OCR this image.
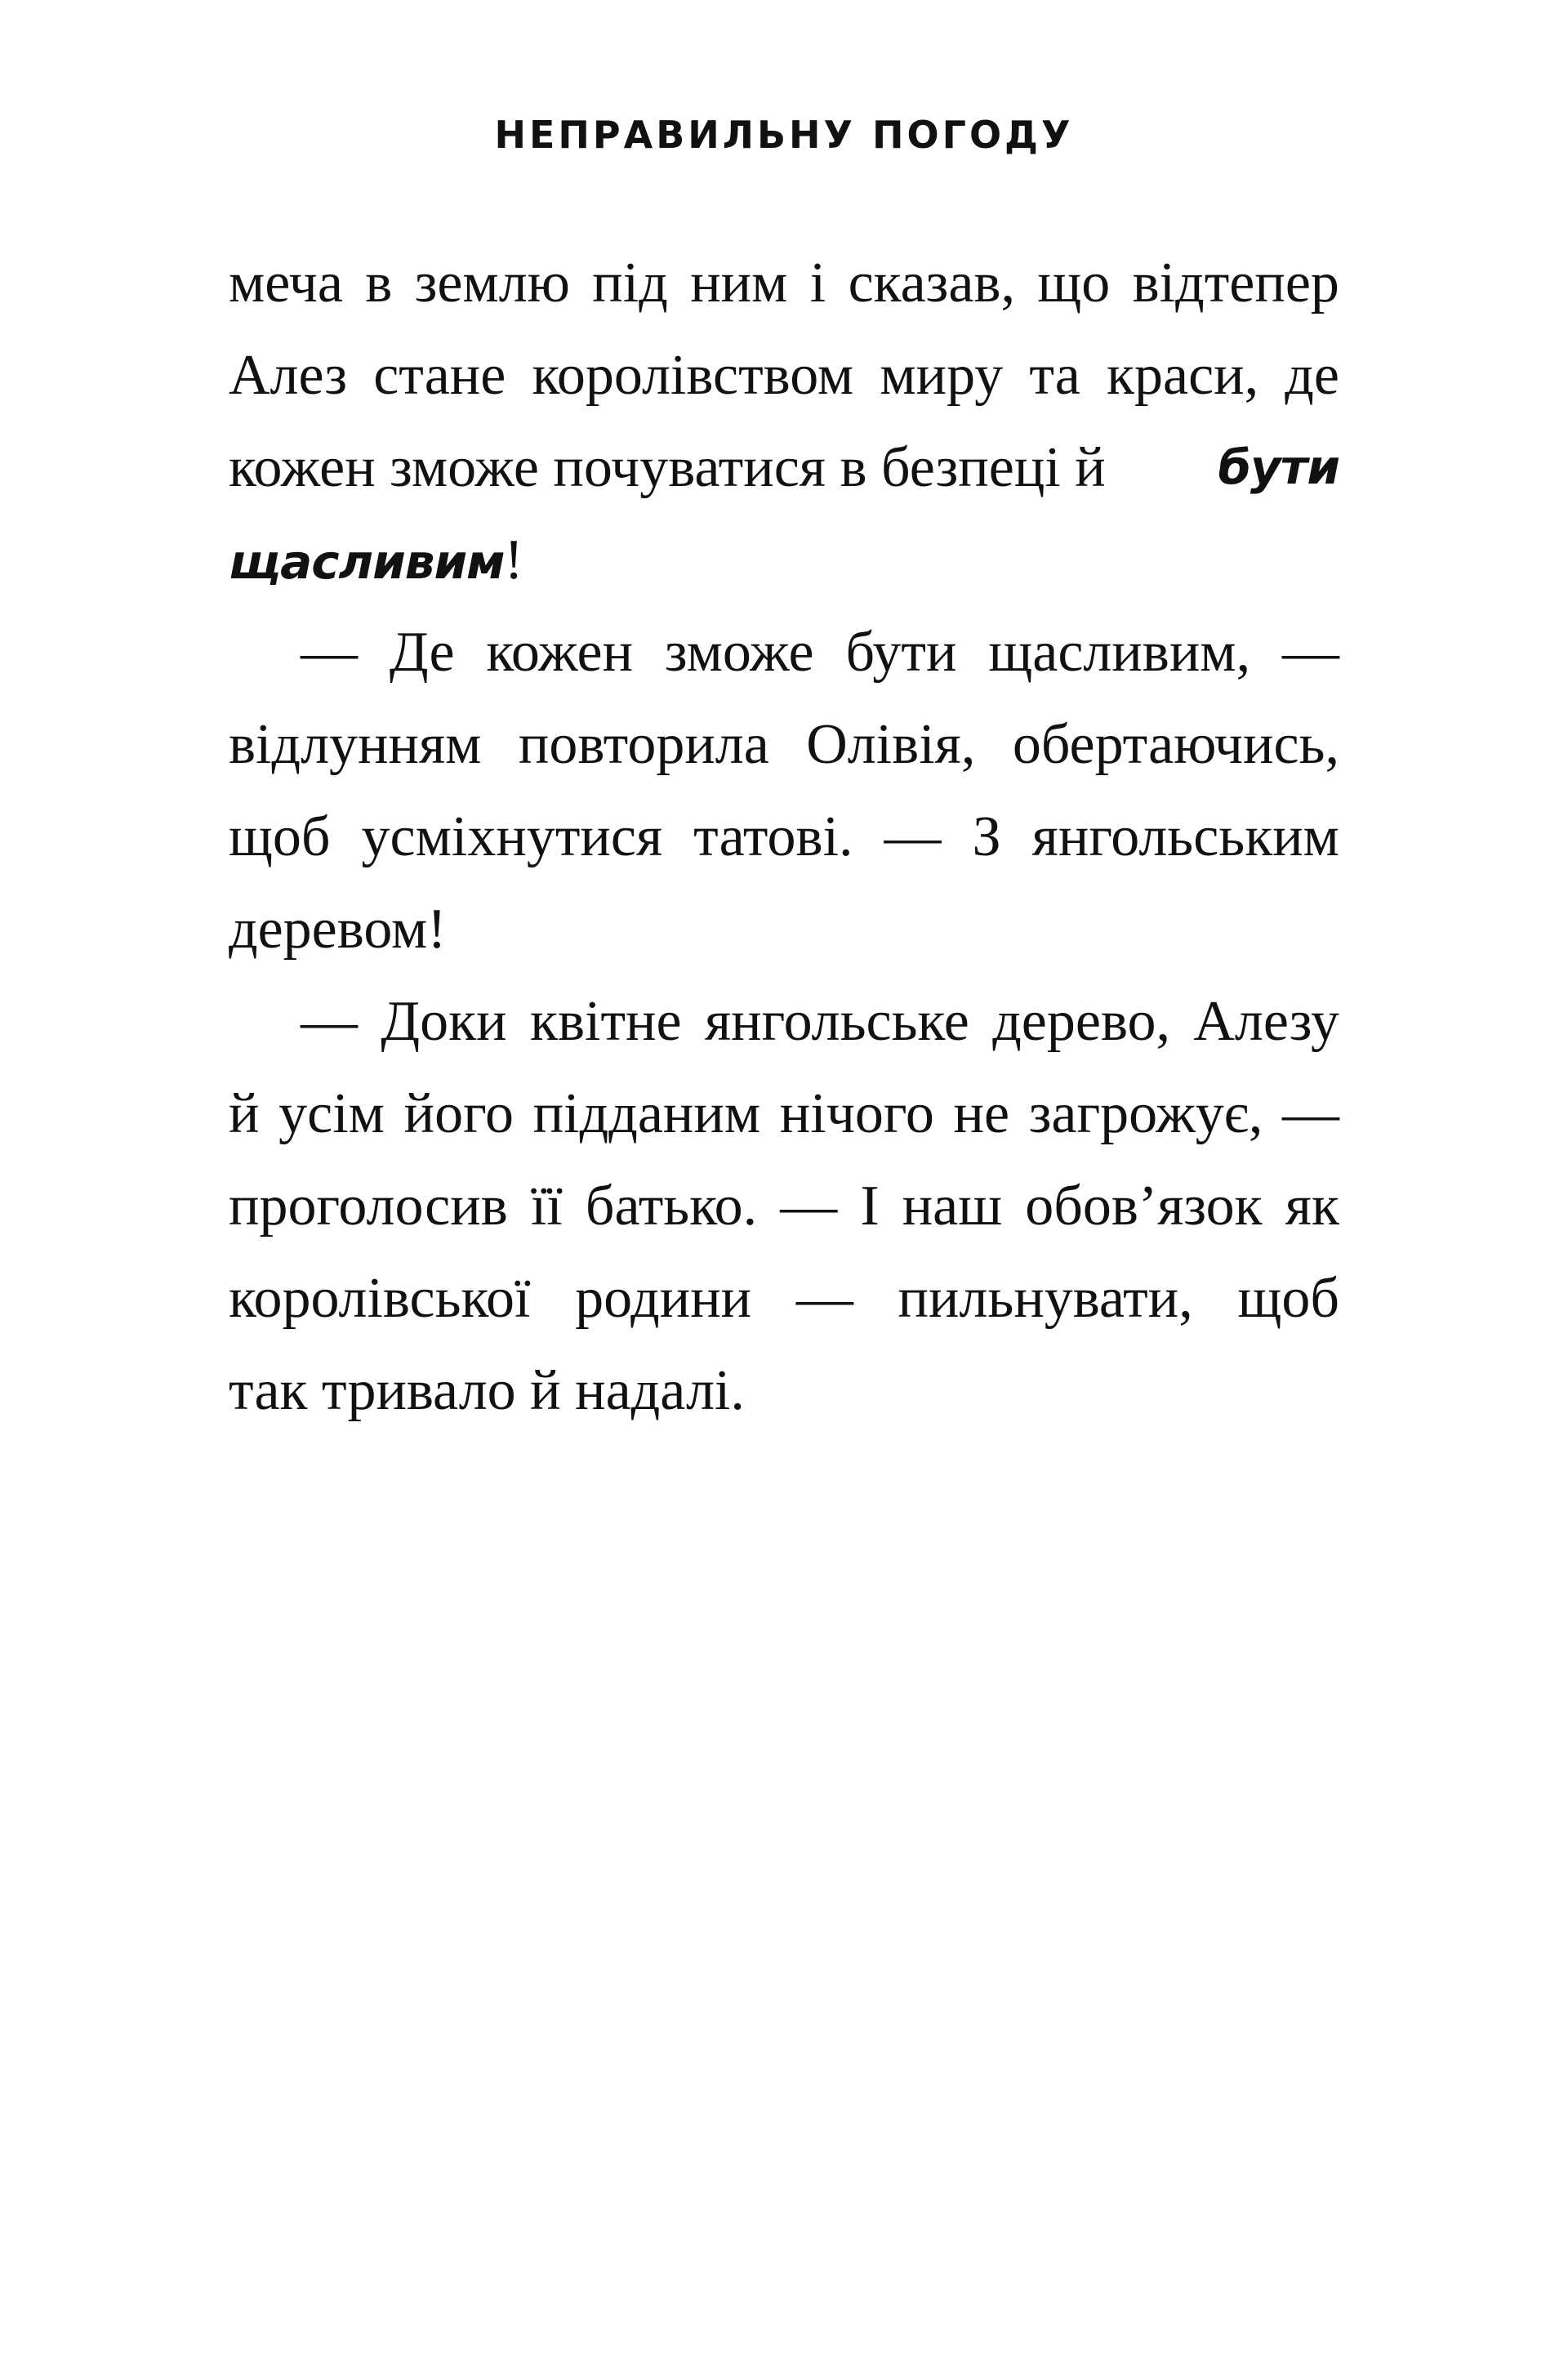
НЕПРАВИЛЬНУ ПОГОДУ
меча в землю під ним і сказав, що відтепер
Алез стане королівством миру та краси, де
кожен зможе почуватися в безпеці й бути
щасливим!
— Де кожен зможе бути щасливим, —
відлунням повторила Олівія, обертаючись,
щоб усміхнутися татові. — З янгольським
деревом!
— Доки квітне янгольське дерево, Алезу
й усім його підданим нічого не загрожує, —
проголосив її батько. — І наш обов’язок як
королівської родини — пильнувати, щоб
так тривало й надалі.
